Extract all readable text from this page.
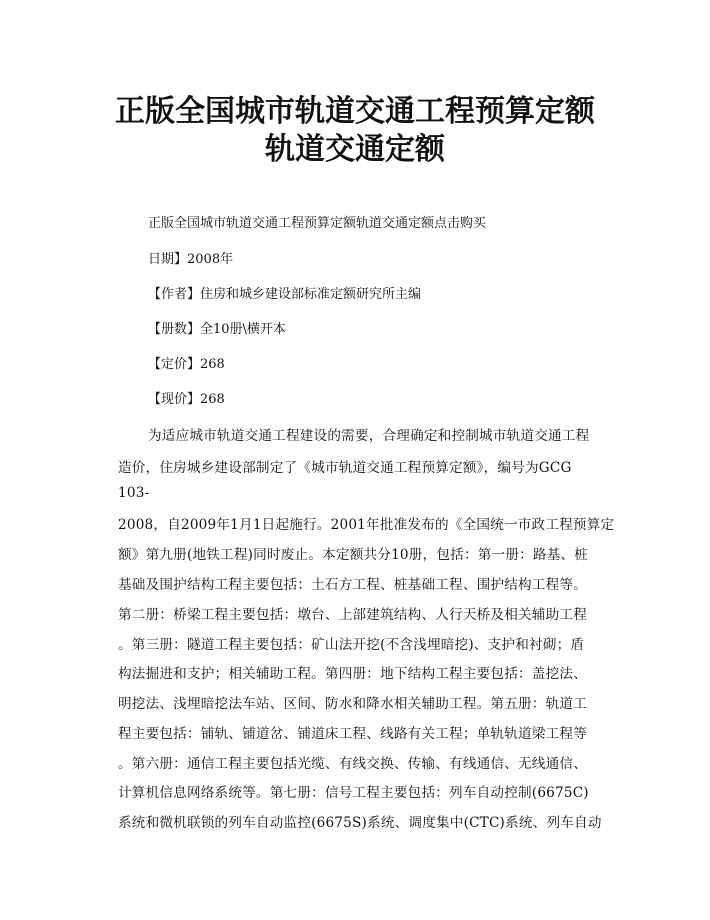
正版全国城市轨道交通工程预算定额
轨道交通定额
正版全国城市轨道交通工程预算定额轨道交通定额点击购买
日期】2008年
【作者】住房和城乡建设部标准定额研究所主编
【册数】全10册\横开本
【定价】268
【现价】268
为适应城市轨道交通工程建设的需要，合理确定和控制城市轨道交通工程
造价，住房城乡建设部制定了《城市轨道交通工程预算定额》，编号为GCG
103-
2008，自2009年1月1日起施行。2001年批准发布的《全国统一市政工程预算定
额》第九册(地铁工程)同时废止。本定额共分10册，包括：第一册：路基、桩
基础及围护结构工程主要包括：土石方工程、桩基础工程、围护结构工程等。
第二册：桥梁工程主要包括：墩台、上部建筑结构、人行天桥及相关辅助工程
。第三册：隧道工程主要包括：矿山法开挖(不含浅埋暗挖)、支护和衬砌；盾
构法掘进和支护；相关辅助工程。第四册：地下结构工程主要包括：盖挖法、
明挖法、浅埋暗挖法车站、区间、防水和降水相关辅助工程。第五册：轨道工
程主要包括：铺轨、铺道岔、铺道床工程、线路有关工程；单轨轨道梁工程等
。第六册：通信工程主要包括光缆、有线交换、传输、有线通信、无线通信、
计算机信息网络系统等。第七册：信号工程主要包括：列车自动控制(6675C)
系统和微机联锁的列车自动监控(6675S)系统、调度集中(CTC)系统、列车自动
